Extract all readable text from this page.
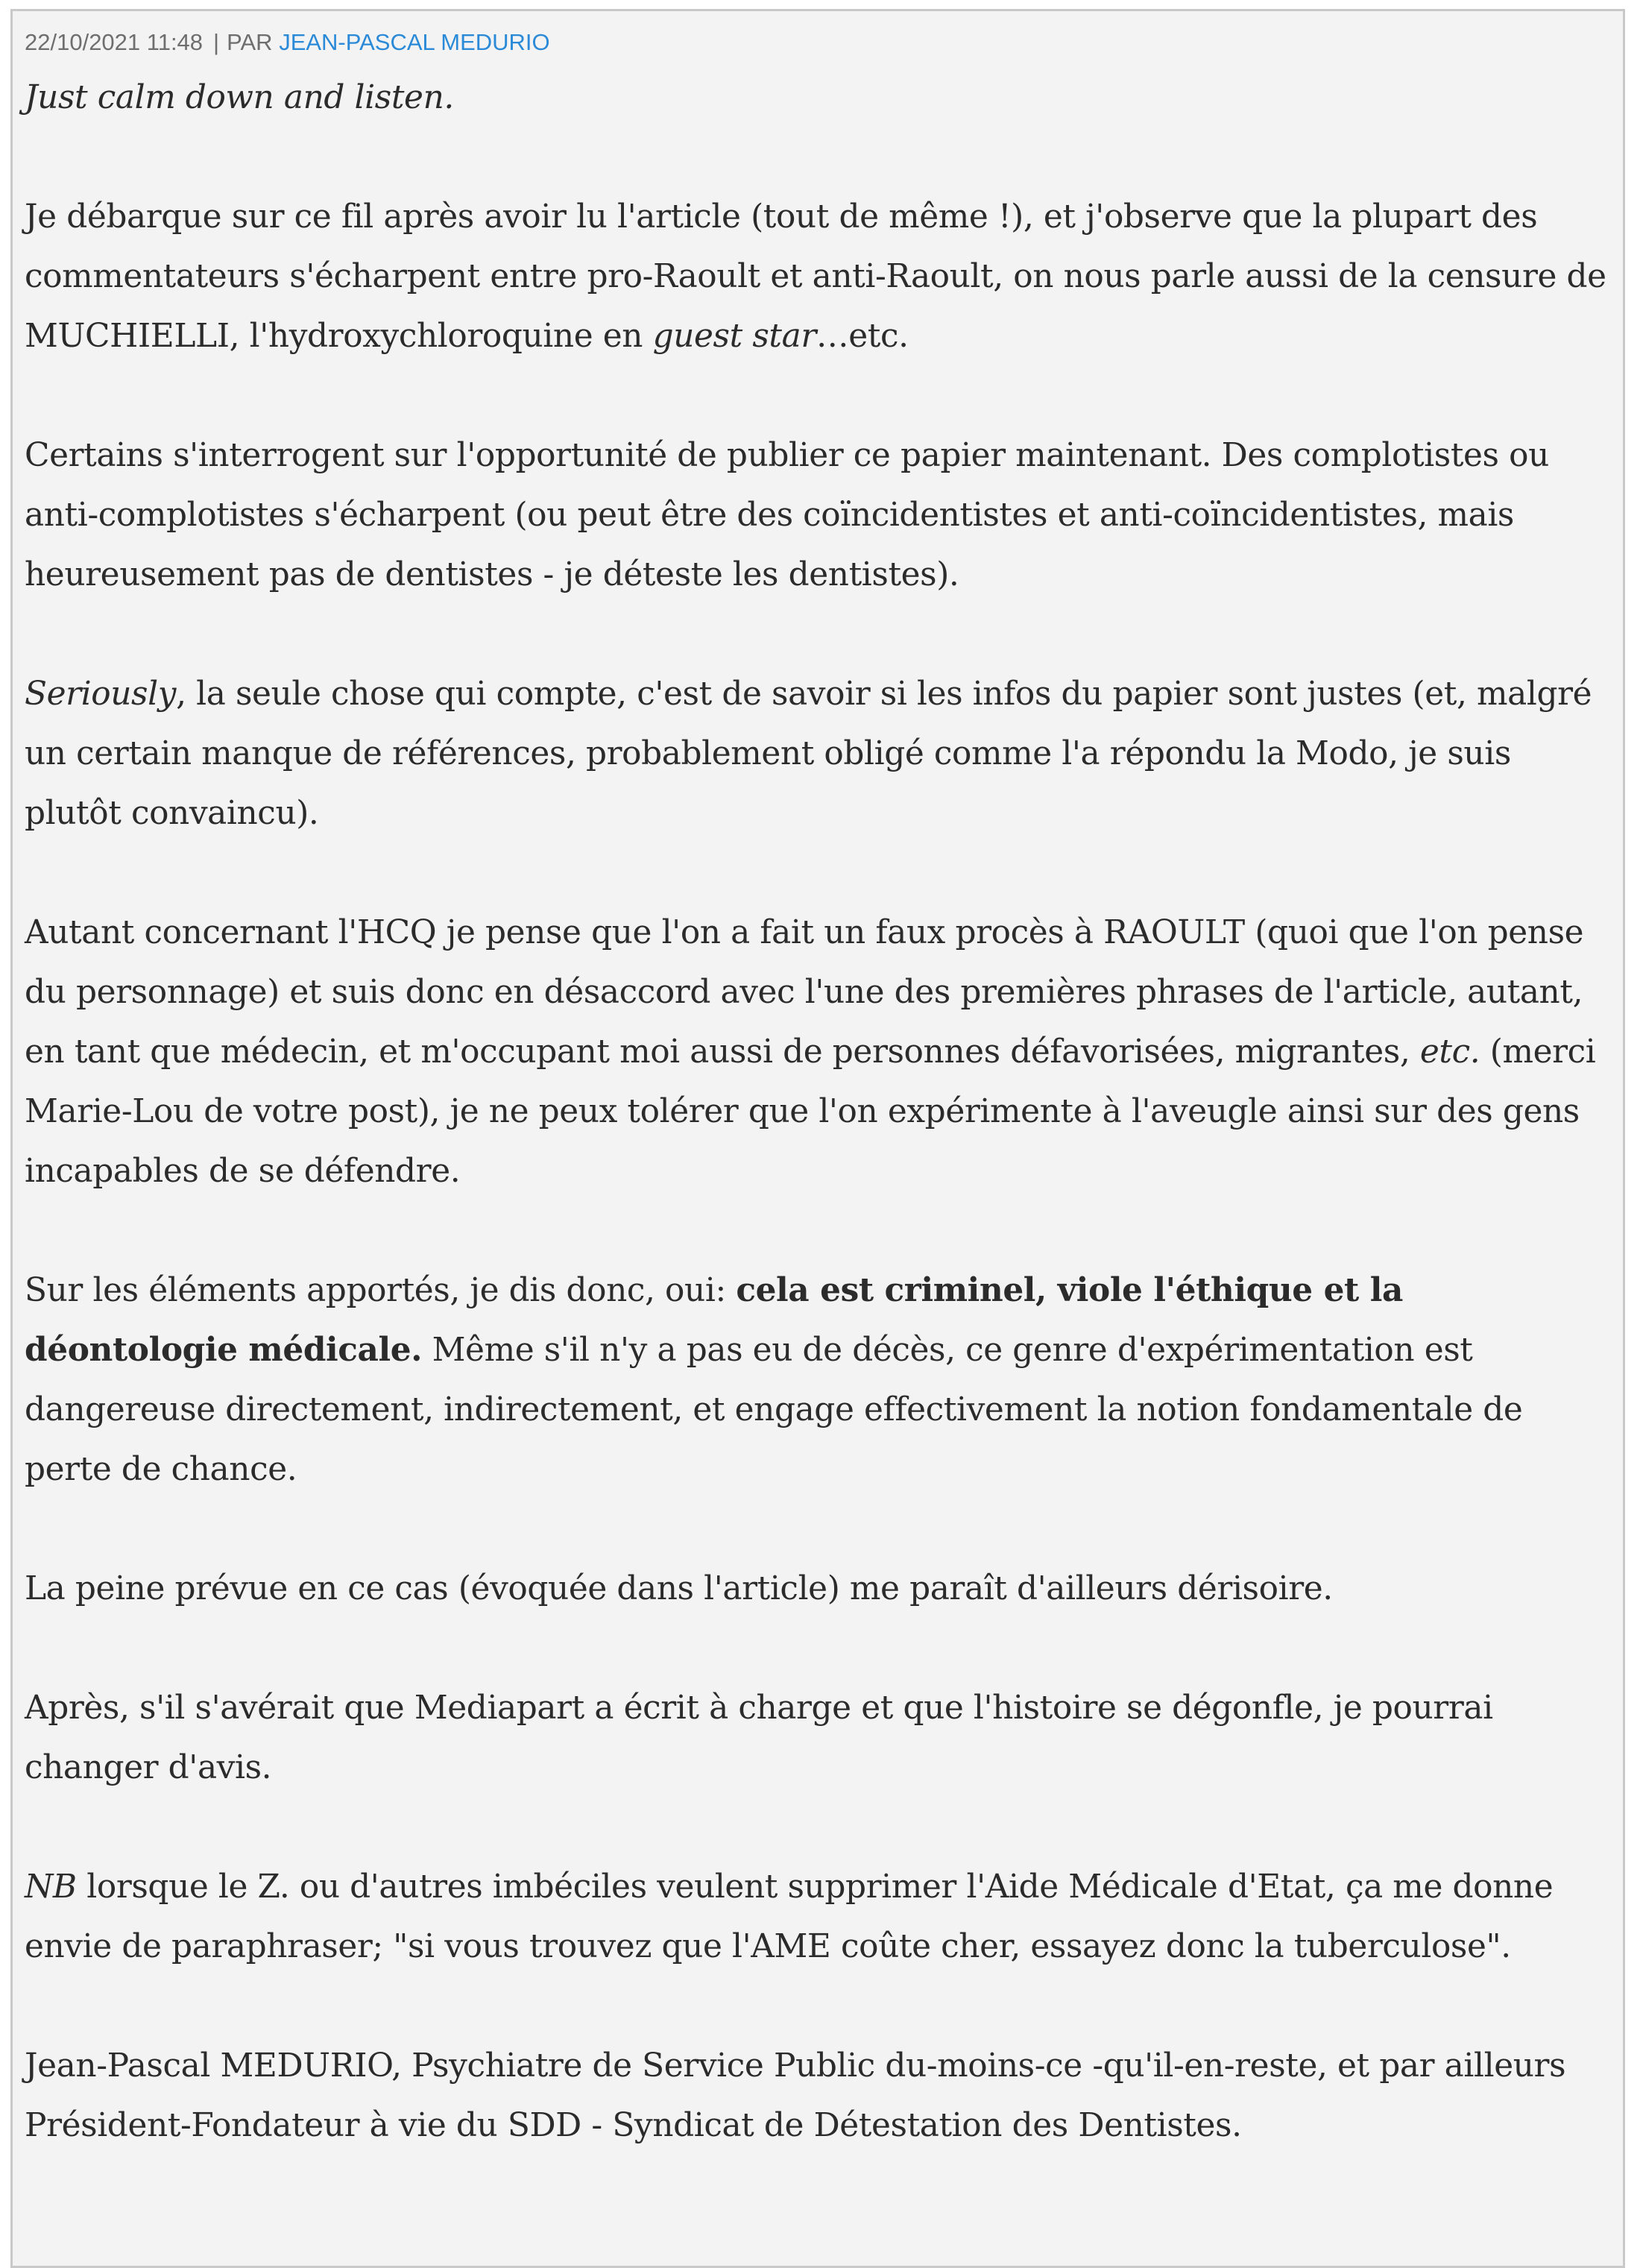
22/10/2021 11:48 | PAR JEAN-PASCAL MEDURIO

Just calm down and listen.

Je débarque sur ce fil après avoir lu l'article (tout de même !), et j'observe que la plupart des commentateurs s'écharpent entre pro-Raoult et anti-Raoult, on nous parle aussi de la censure de MUCHIELLI, l'hydroxychloroquine en guest star…etc.

Certains s'interrogent sur l'opportunité de publier ce papier maintenant. Des complotistes ou anti-complotistes s'écharpent (ou peut être des coïncidentistes et anti-coïncidentistes, mais heureusement pas de dentistes - je déteste les dentistes).

Seriously, la seule chose qui compte, c'est de savoir si les infos du papier sont justes (et, malgré un certain manque de références, probablement obligé comme l'a répondu la Modo, je suis plutôt convaincu).

Autant concernant l'HCQ je pense que l'on a fait un faux procès à RAOULT (quoi que l'on pense du personnage) et suis donc en désaccord avec l'une des premières phrases de l'article, autant, en tant que médecin, et m'occupant moi aussi de personnes défavorisées, migrantes, etc. (merci Marie-Lou de votre post), je ne peux tolérer que l'on expérimente à l'aveugle ainsi sur des gens incapables de se défendre.

Sur les éléments apportés, je dis donc, oui: cela est criminel, viole l'éthique et la déontologie médicale. Même s'il n'y a pas eu de décès, ce genre d'expérimentation est dangereuse directement, indirectement, et engage effectivement la notion fondamentale de perte de chance.

La peine prévue en ce cas (évoquée dans l'article) me paraît d'ailleurs dérisoire.

Après, s'il s'avérait que Mediapart a écrit à charge et que l'histoire se dégonfle, je pourrai changer d'avis.

NB lorsque le Z. ou d'autres imbéciles veulent supprimer l'Aide Médicale d'Etat, ça me donne envie de paraphraser; "si vous trouvez que l'AME coûte cher, essayez donc la tuberculose".

Jean-Pascal MEDURIO, Psychiatre de Service Public du-moins-ce -qu'il-en-reste, et par ailleurs Président-Fondateur à vie du SDD - Syndicat de Détestation des Dentistes.
